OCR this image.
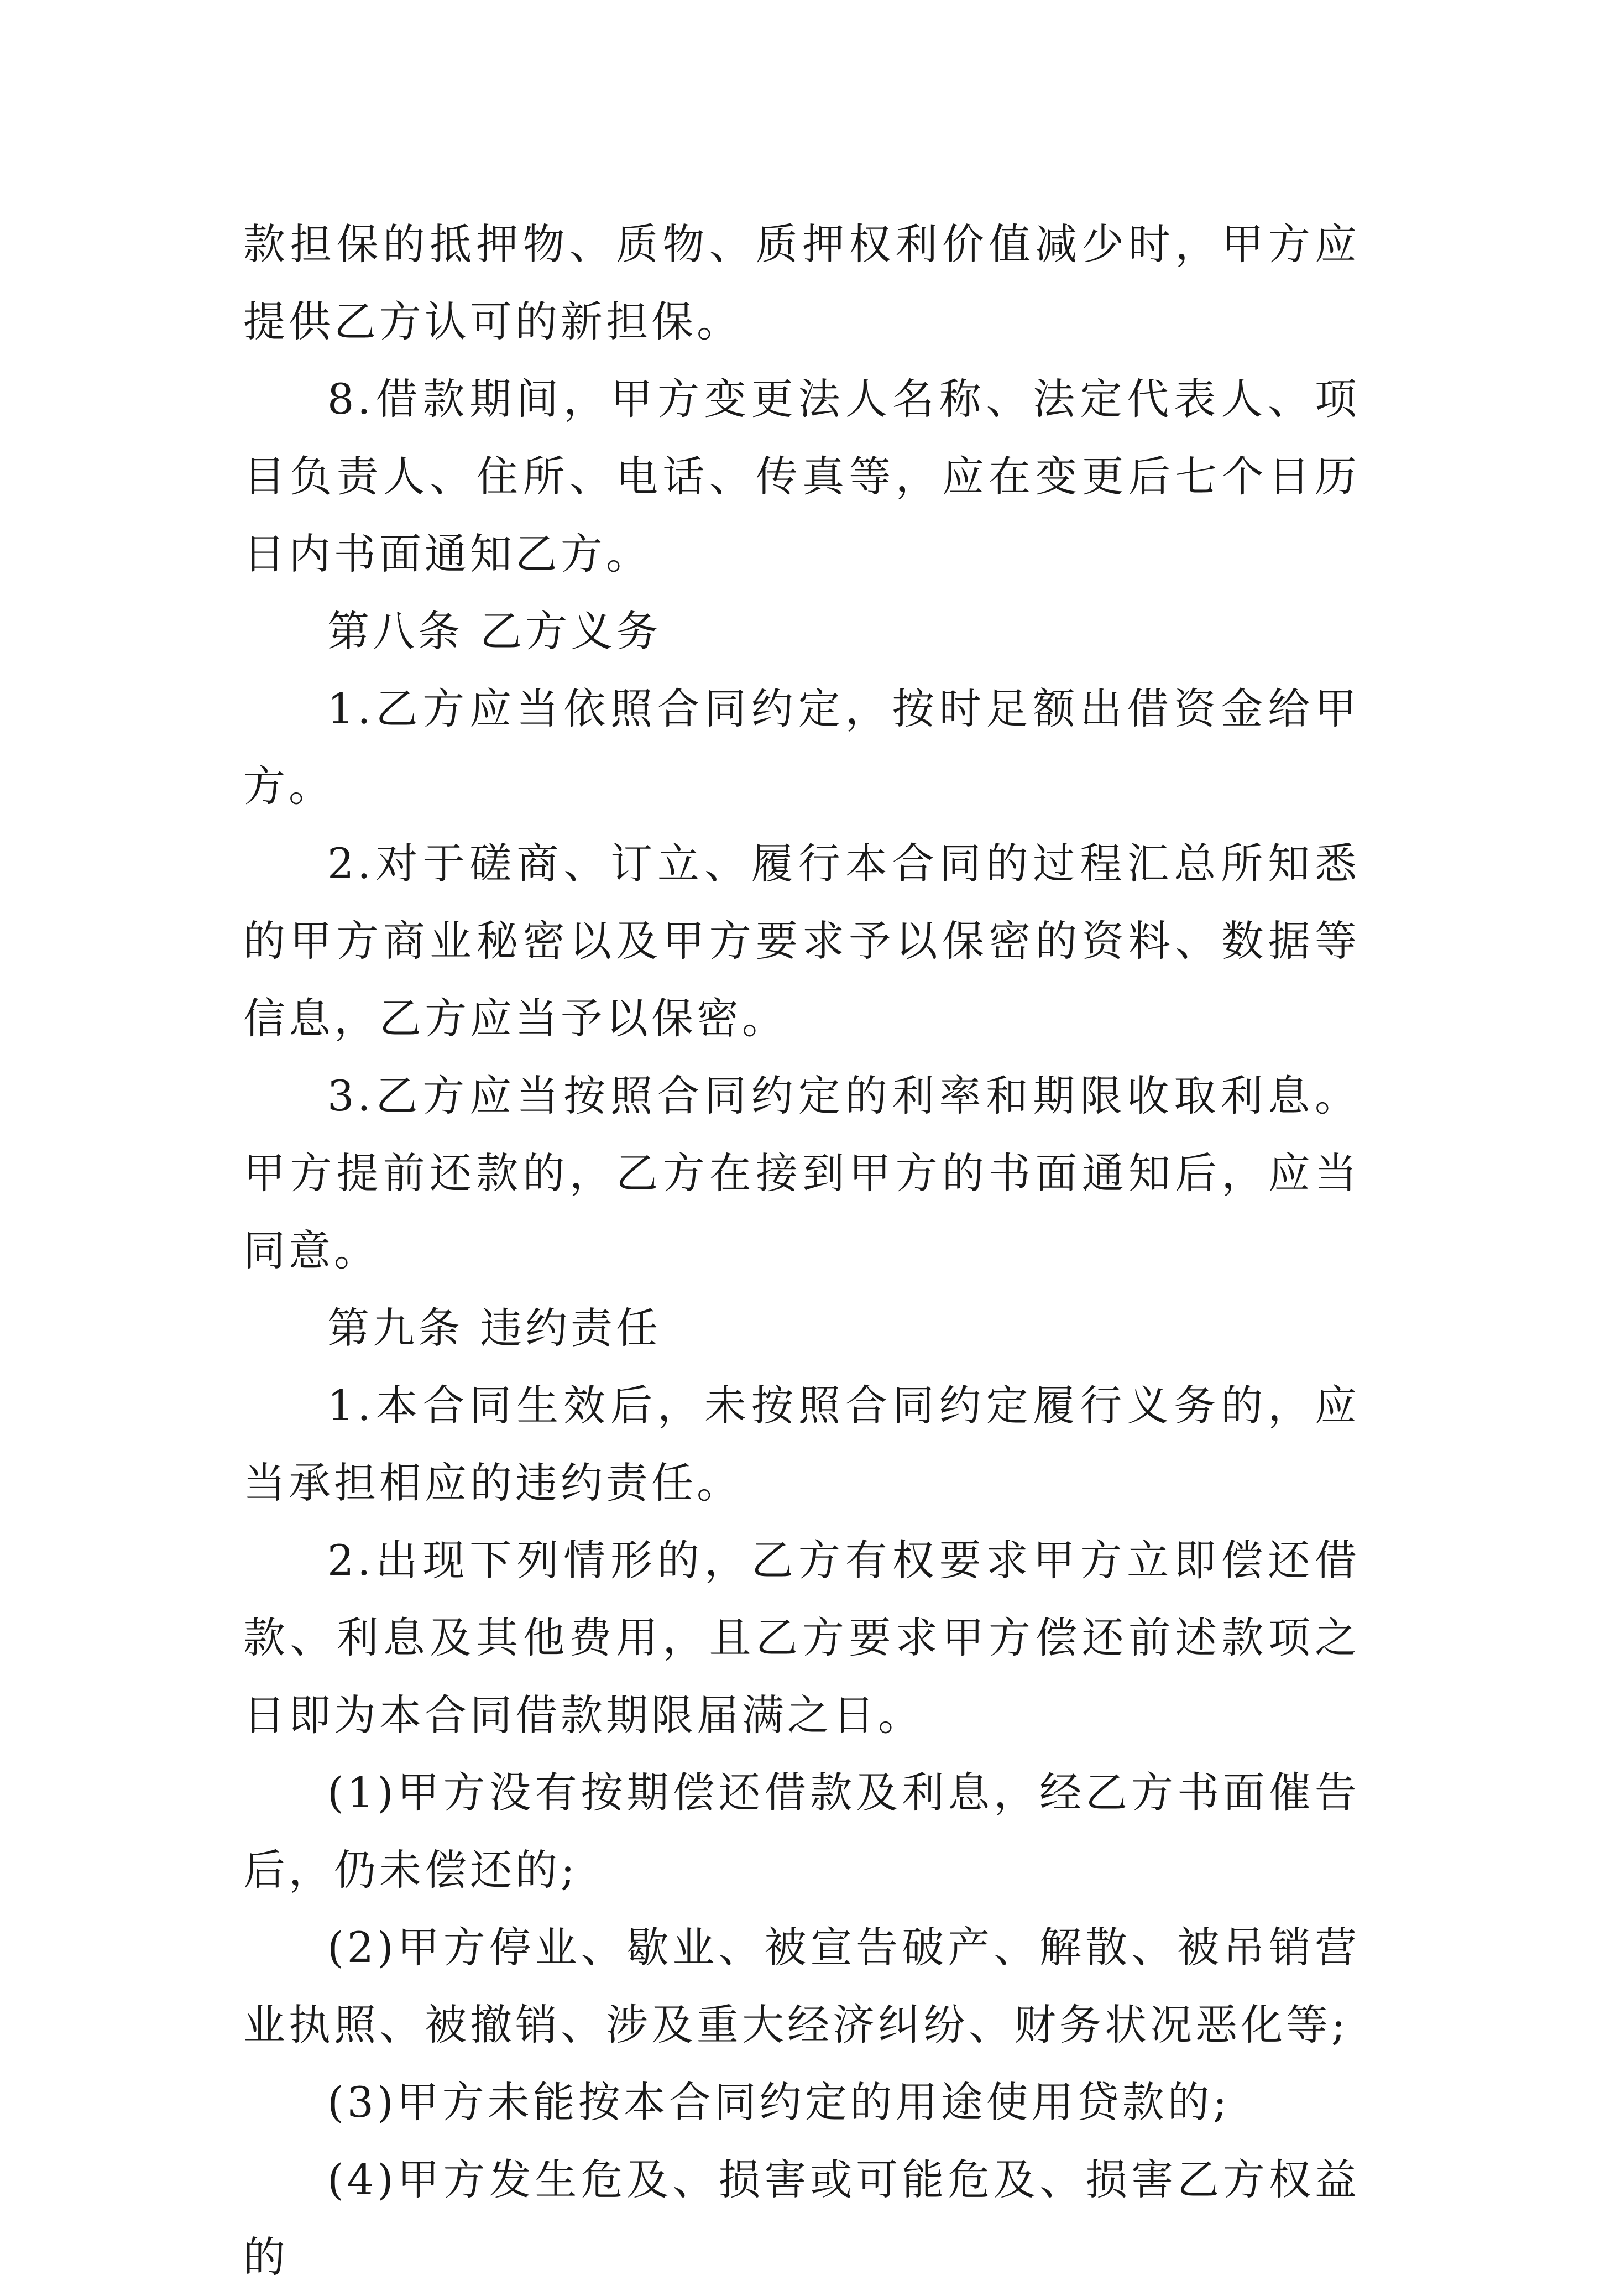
款担保的抵押物、质物、质押权利价值减少时，甲方应提供乙方认可的新担保。

8.借款期间，甲方变更法人名称、法定代表人、项目负责人、住所、电话、传真等，应在变更后七个日历日内书面通知乙方。

第八条 乙方义务

1.乙方应当依照合同约定，按时足额出借资金给甲方。

2.对于磋商、订立、履行本合同的过程汇总所知悉的甲方商业秘密以及甲方要求予以保密的资料、数据等信息，乙方应当予以保密。

3.乙方应当按照合同约定的利率和期限收取利息。甲方提前还款的，乙方在接到甲方的书面通知后，应当同意。

第九条 违约责任

1.本合同生效后，未按照合同约定履行义务的，应当承担相应的违约责任。

2.出现下列情形的，乙方有权要求甲方立即偿还借款、利息及其他费用，且乙方要求甲方偿还前述款项之日即为本合同借款期限届满之日。

(1)甲方没有按期偿还借款及利息，经乙方书面催告后，仍未偿还的;

(2)甲方停业、歇业、被宣告破产、解散、被吊销营业执照、被撤销、涉及重大经济纠纷、财务状况恶化等;

(3)甲方未能按本合同约定的用途使用贷款的;

(4)甲方发生危及、损害或可能危及、损害乙方权益的
